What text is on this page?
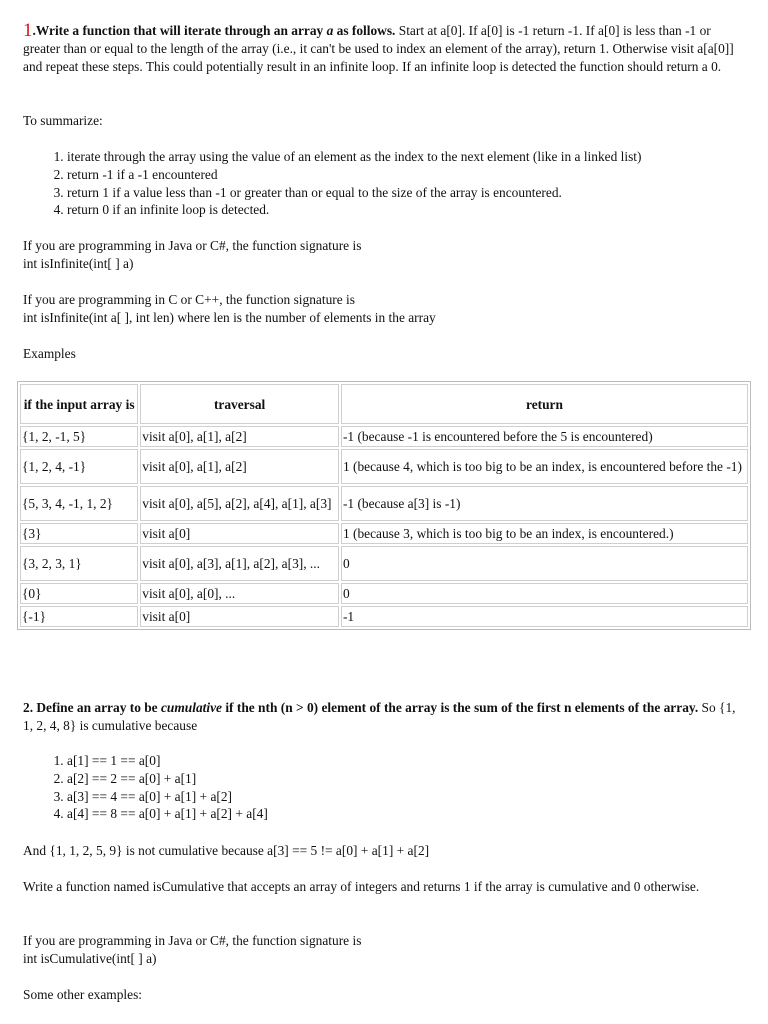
1.Write a function that will iterate through an array a as follows. Start at a[0]. If a[0] is -1 return -1. If a[0] is less than -1 or greater than or equal to the length of the array (i.e., it can't be used to index an element of the array), return 1. Otherwise visit a[a[0]] and repeat these steps. This could potentially result in an infinite loop. If an infinite loop is detected the function should return a 0.

To summarize:

1. iterate through the array using the value of an element as the index to the next element (like in a linked list)
2. return -1 if a -1 encountered
3. return 1 if a value less than -1 or greater than or equal to the size of the array is encountered.
4. return 0 if an infinite loop is detected.

If you are programming in Java or C#, the function signature is
int isInfinite(int[ ] a)

If you are programming in C or C++, the function signature is
int isInfinite(int a[ ], int len) where len is the number of elements in the array

Examples

if the input array is	traversal	return
{1, 2, -1, 5}	visit a[0], a[1], a[2]	-1 (because -1 is encountered before the 5 is encountered)
{1, 2, 4, -1}	visit a[0], a[1], a[2]	1 (because 4, which is too big to be an index, is encountered before the -1)
{5, 3, 4, -1, 1, 2}	visit a[0], a[5], a[2], a[4], a[1], a[3]	-1 (because a[3] is -1)
{3}	visit a[0]	1 (because 3, which is too big to be an index, is encountered.)
{3, 2, 3, 1}	visit a[0], a[3], a[1], a[2], a[3], ...	0
{0}	visit a[0], a[0], ...	0
{-1}	visit a[0]	-1

2. Define an array to be cumulative if the nth (n > 0) element of the array is the sum of the first n elements of the array. So {1, 1, 2, 4, 8} is cumulative because

1. a[1] == 1 == a[0]
2. a[2] == 2 == a[0] + a[1]
3. a[3] == 4 == a[0] + a[1] + a[2]
4. a[4] == 8 == a[0] + a[1] + a[2] + a[4]

And {1, 1, 2, 5, 9} is not cumulative because a[3] == 5 != a[0] + a[1] + a[2]

Write a function named isCumulative that accepts an array of integers and returns 1 if the array is cumulative and 0 otherwise.

If you are programming in Java or C#, the function signature is
int isCumulative(int[ ] a)

Some other examples:
